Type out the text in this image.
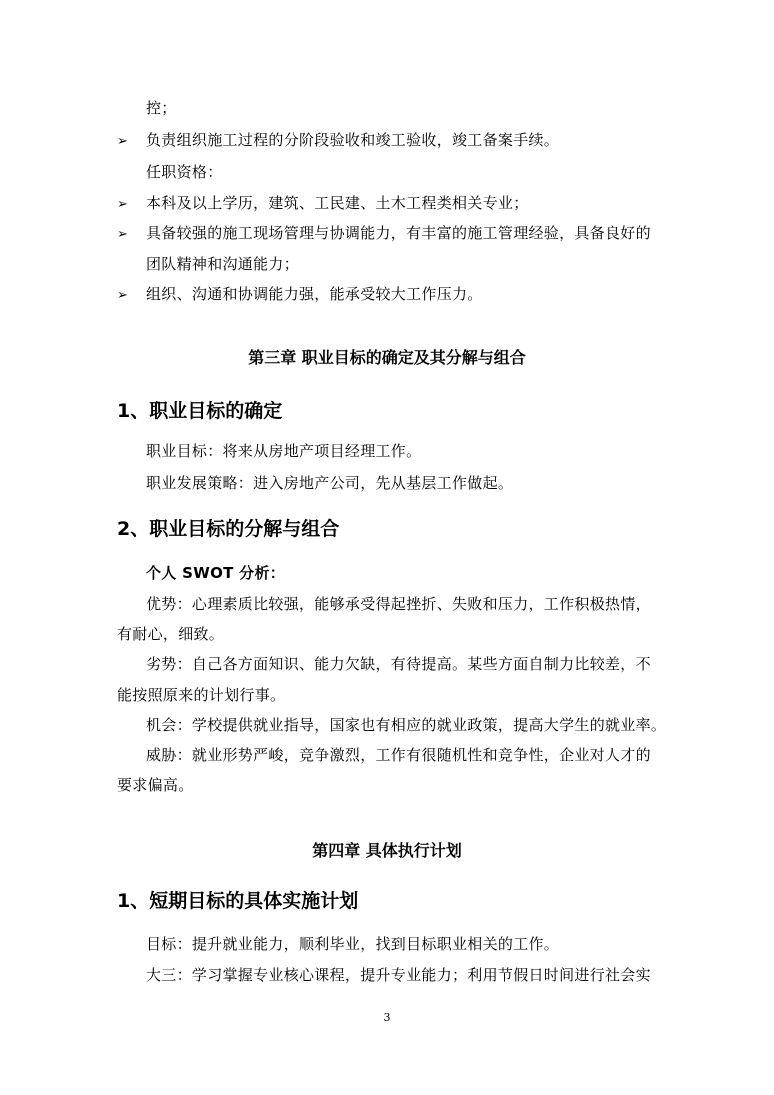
控；
➢ 负责组织施工过程的分阶段验收和竣工验收，竣工备案手续。
任职资格：
➢ 本科及以上学历，建筑、工民建、土木工程类相关专业；
➢ 具备较强的施工现场管理与协调能力，有丰富的施工管理经验，具备良好的
团队精神和沟通能力；
➢ 组织、沟通和协调能力强，能承受较大工作压力。
第三章 职业目标的确定及其分解与组合
1、职业目标的确定
职业目标：将来从房地产项目经理工作。
职业发展策略：进入房地产公司，先从基层工作做起。
2、职业目标的分解与组合
个人 SWOT 分析：
优势：心理素质比较强，能够承受得起挫折、失败和压力，工作积极热情，
有耐心，细致。
劣势：自己各方面知识、能力欠缺，有待提高。某些方面自制力比较差，不
能按照原来的计划行事。
机会：学校提供就业指导，国家也有相应的就业政策，提高大学生的就业率。
威胁：就业形势严峻，竞争激烈，工作有很随机性和竞争性，企业对人才的
要求偏高。
第四章 具体执行计划
1、短期目标的具体实施计划
目标：提升就业能力，顺利毕业，找到目标职业相关的工作。
大三：学习掌握专业核心课程，提升专业能力；利用节假日时间进行社会实
3
